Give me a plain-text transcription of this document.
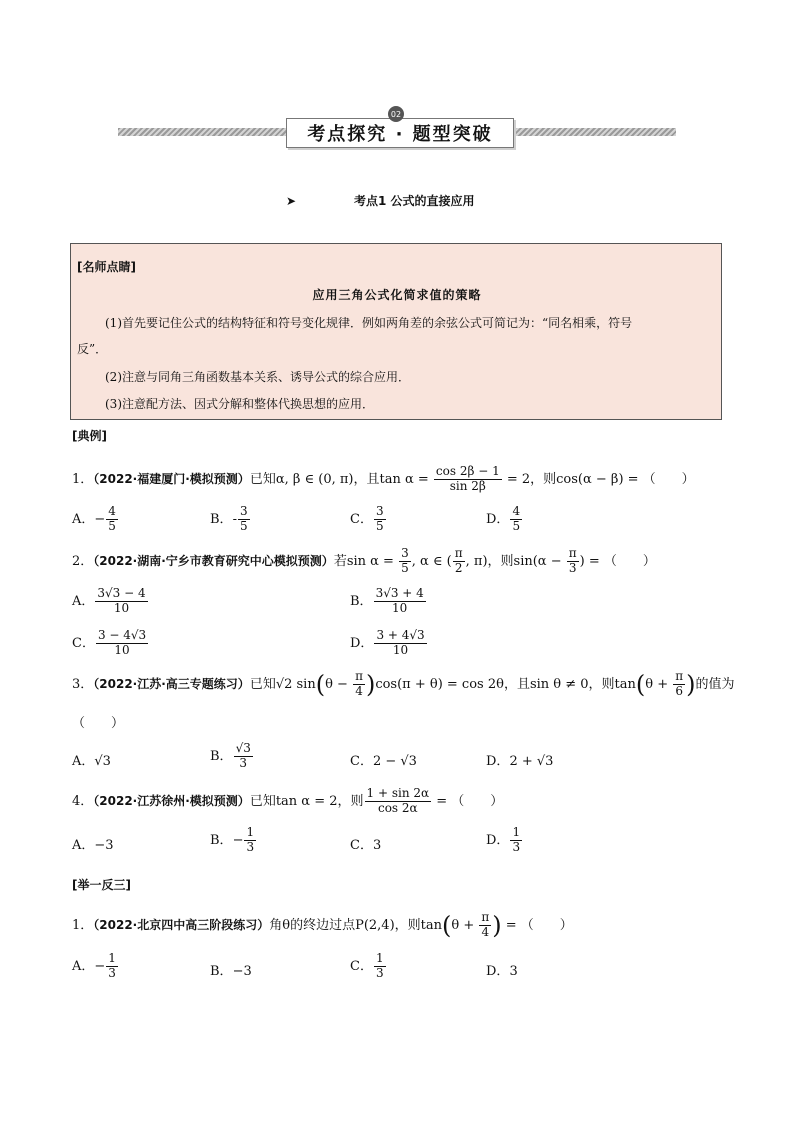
考点探究 · 题型突破
02
➤	考点1 公式的直接应用
[名师点睛]
应用三角公式化简求值的策略
(1)首先要记住公式的结构特征和符号变化规律．例如两角差的余弦公式可简记为：“同名相乘，符号
反”．
(2)注意与同角三角函数基本关系、诱导公式的综合应用．
(3)注意配方法、因式分解和整体代换思想的应用．
[典例]
1．（2022·福建厦门·模拟预测）已知α, β ∈ (0, π)，且$\tan \alpha = \frac{\cos 2\beta - 1}{\sin 2\beta} = 2$，则cos(α − β) = （　　）
A．− $\frac{4}{5}$	B．- $\frac{3}{5}$	C． $\frac{3}{5}$	D． $\frac{4}{5}$
2．（2022·湖南·宁乡市教育研究中心模拟预测）若$\sin \alpha = \frac{3}{5}$ , α ∈ ( $\frac{\pi}{2}$ , π)，则$\sin(\alpha - \frac{\pi}{3}$ ) = （　　）
A． $\frac{3√3 - 4}{10}$	B． $\frac{3√3 + 4}{10}$
C． $\frac{3 - 4√3}{10}$	D． $\frac{3 + 4√3}{10}$
3．（2022·江苏·高三专题练习）已知√2 $\sin(\theta - \frac{\pi}{4} )\cos(\pi + \theta) = \cos 2\theta$，且sin θ ≠ 0，则$\tan(\theta + \frac{\pi}{6}$ )的值为
（　　）
A．√3	B． $\frac{√3}{3}$	C．2 − √3	D．2 + √3
4．（2022·江苏徐州·模拟预测）已知tan α = 2，则 $\frac{1 + \sin 2\alpha}{\cos 2\alpha}$ = （　　）
A．−3	B．− $\frac{1}{3}$	C．3	D． $\frac{1}{3}$
[举一反三]
1．（2022·北京四中高三阶段练习）角θ的终边过点P(2,4)，则$\tan(\theta + \frac{\pi}{4}$ ) = （　　）
A．− $\frac{1}{3}$	B．−3	C． $\frac{1}{3}$	D．3
